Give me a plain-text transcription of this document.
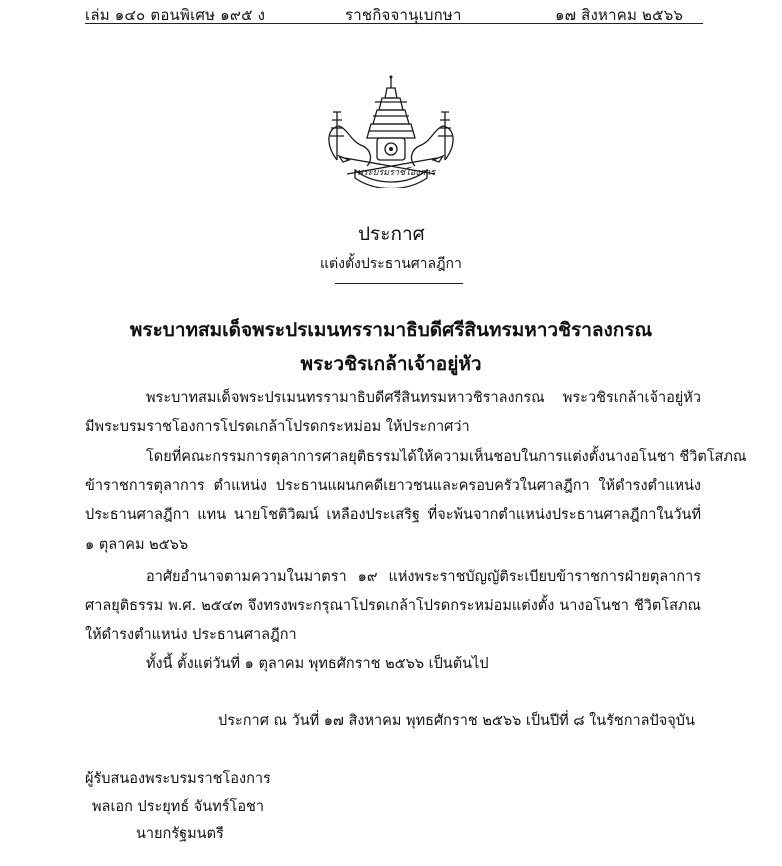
เล่ม ๑๔๐ ตอนพิเศษ ๑๙๕ ง	ราชกิจจานุเบกษา	๑๗ สิงหาคม ๒๕๖๖
พระบรมราชโองการ
ประกาศ
แต่งตั้งประธานศาลฎีกา
พระบาทสมเด็จพระปรเมนทรรามาธิบดีศรีสินทรมหาวชิราลงกรณ
พระวชิรเกล้าเจ้าอยู่หัว
พระบาทสมเด็จพระปรเมนทรรามาธิบดีศรีสินทรมหาวชิราลงกรณ พระวชิรเกล้าเจ้าอยู่หัว
มีพระบรมราชโองการโปรดเกล้าโปรดกระหม่อม ให้ประกาศว่า
โดยที่คณะกรรมการตุลาการศาลยุติธรรมได้ให้ความเห็นชอบในการแต่งตั้งนางอโนชา ชีวิตโสภณ
ข้าราชการตุลาการ ตำแหน่ง ประธานแผนกคดีเยาวชนและครอบครัวในศาลฎีกา ให้ดำรงตำแหน่ง
ประธานศาลฎีกา แทน นายโชติวิฒน์ เหลืองประเสริฐ ที่จะพ้นจากตำแหน่งประธานศาลฎีกาในวันที่
๑ ตุลาคม ๒๕๖๖
อาศัยอำนาจตามความในมาตรา ๑๙ แห่งพระราชบัญญัติระเบียบข้าราชการฝ่ายตุลาการ
ศาลยุติธรรม พ.ศ. ๒๕๔๓ จึงทรงพระกรุณาโปรดเกล้าโปรดกระหม่อมแต่งตั้ง นางอโนชา ชีวิตโสภณ
ให้ดำรงตำแหน่ง ประธานศาลฎีกา
ทั้งนี้ ตั้งแต่วันที่ ๑ ตุลาคม พุทธศักราช ๒๕๖๖ เป็นต้นไป
ประกาศ ณ วันที่ ๑๗ สิงหาคม พุทธศักราช ๒๕๖๖ เป็นปีที่ ๘ ในรัชกาลปัจจุบัน
ผู้รับสนองพระบรมราชโองการ
พลเอก ประยุทธ์ จันทร์โอชา
นายกรัฐมนตรี
